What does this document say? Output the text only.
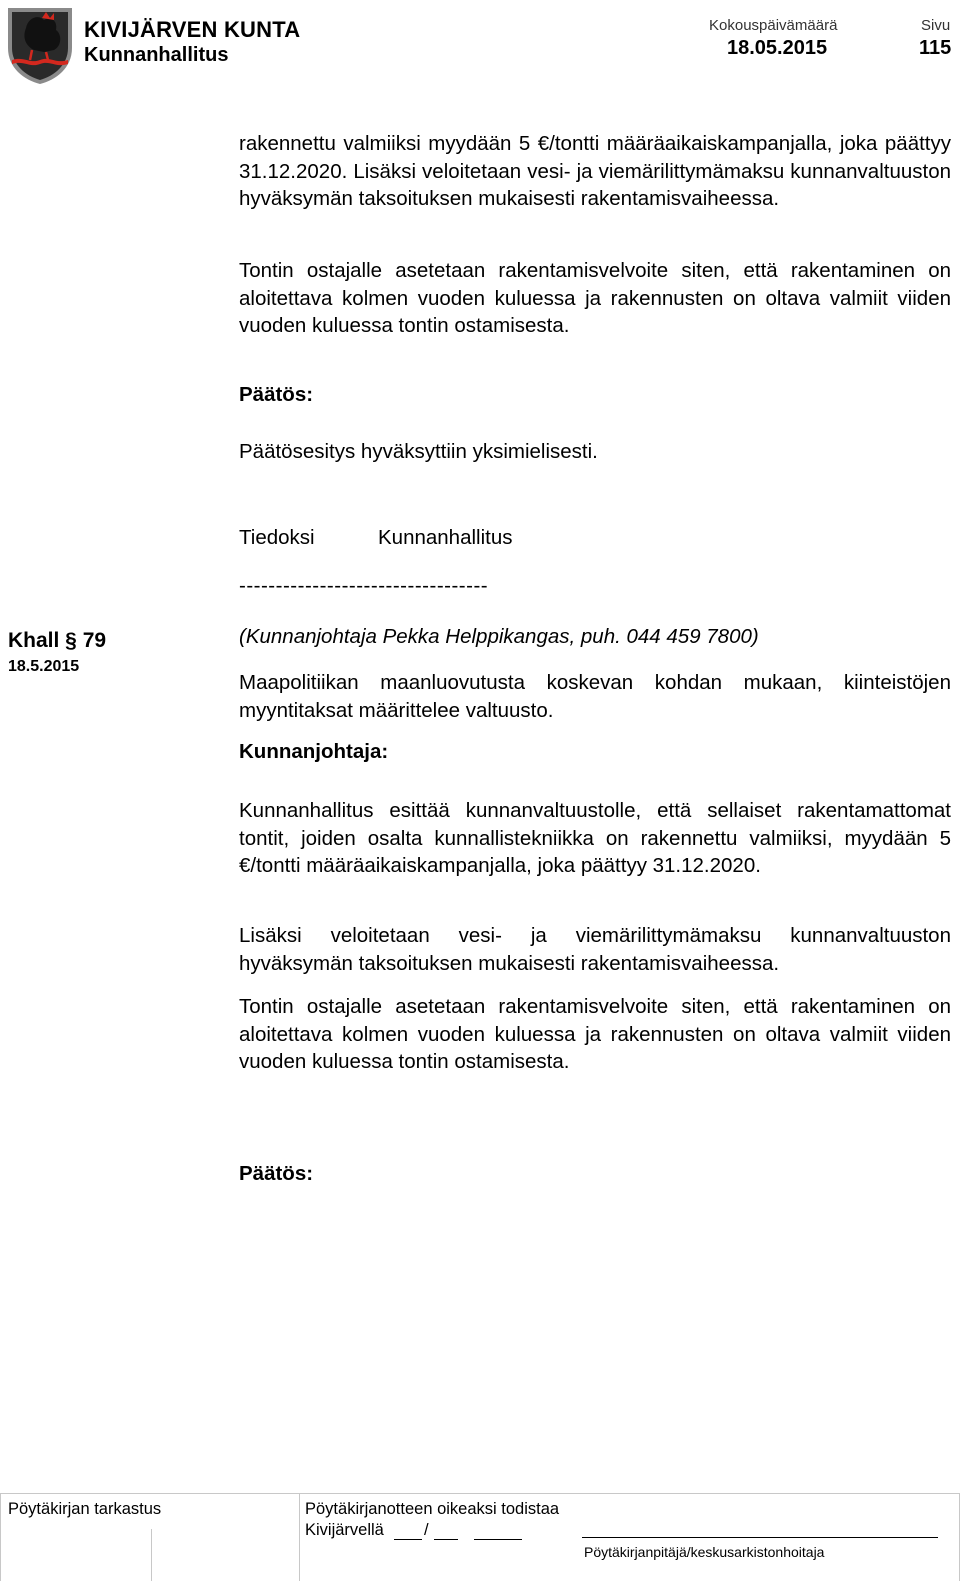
KIVIJÄRVEN KUNTA
Kunnanhallitus
Kokouspäivämäärä
18.05.2015
Sivu
115
rakennettu valmiiksi myydään 5 €/tontti määräaikaiskampanjalla, joka päättyy 31.12.2020. Lisäksi veloitetaan vesi- ja viemärilittymämaksu kunnanvaltuuston hyväksymän taksoituksen mukaisesti rakentamisvaiheessa.
Tontin ostajalle asetetaan rakentamisvelvoite siten, että rakentaminen on aloitettava kolmen vuoden kuluessa ja rakennusten on oltava valmiit viiden vuoden kuluessa tontin ostamisesta.
Päätös:
Päätösesitys hyväksyttiin yksimielisesti.
Tiedoksi	Kunnanhallitus
----------------------------------
Khall § 79
18.5.2015
(Kunnanjohtaja Pekka Helppikangas, puh. 044 459 7800)
Maapolitiikan maanluovutusta koskevan kohdan mukaan, kiinteistöjen myyntitaksat määrittelee valtuusto.
Kunnanjohtaja:
Kunnanhallitus esittää kunnanvaltuustolle, että sellaiset rakentamattomat tontit, joiden osalta kunnallistekniikka on rakennettu valmiiksi, myydään 5 €/tontti määräaikaiskampanjalla, joka päättyy 31.12.2020.
Lisäksi veloitetaan vesi- ja viemärilittymämaksu kunnanvaltuuston hyväksymän taksoituksen mukaisesti rakentamisvaiheessa.
Tontin ostajalle asetetaan rakentamisvelvoite siten, että rakentaminen on aloitettava kolmen vuoden kuluessa ja rakennusten on oltava valmiit viiden vuoden kuluessa tontin ostamisesta.
Päätös:
Pöytäkirjan tarkastus	Pöytäkirjanotteen oikeaksi todistaa
Kivijärvellä /
Pöytäkirjanpitäjä/keskusarkistonhoitaja
